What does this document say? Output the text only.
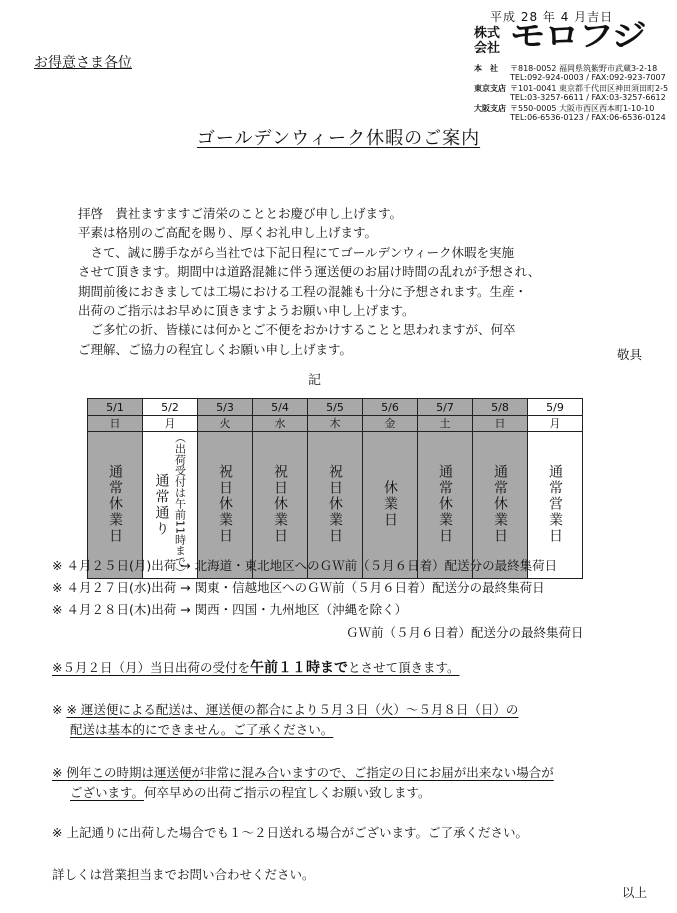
平成 28 年 4 月吉日
お得意さま各位
株式
会社 モロフジ
本　社 〒818-0052 福岡県筑紫野市武蔵3-2-18
TEL:092-924-0003 / FAX:092-923-7007
東京支店 〒101-0041 東京都千代田区神田須田町2-5
TEL:03-3257-6611 / FAX:03-3257-6612
大阪支店 〒550-0005 大阪市西区西本町1-10-10
TEL:06-6536-0123 / FAX:06-6536-0124
ゴールデンウィーク休暇のご案内
拝啓　貴社ますますご清栄のこととお慶び申し上げます。
平素は格別のご高配を賜り、厚くお礼申し上げます。
　さて、誠に勝手ながら当社では下記日程にてゴールデンウィーク休暇を実施
させて頂きます。期間中は道路混雑に伴う運送便のお届け時間の乱れが予想され、
期間前後におきましては工場における工程の混雑も十分に予想されます。生産・
出荷のご指示はお早めに頂きますようお願い申し上げます。
　ご多忙の折、皆様には何かとご不便をおかけすることと思われますが、何卒
ご理解、ご協力の程宜しくお願い申し上げます。	敬具
記
5/1	5/2	5/3	5/4	5/5	5/6	5/7	5/8	5/9
日	月	火	水	木	金	土	日	月
通常休業日	通常通り （出荷受付は午前11時まで）	祝日休業日	祝日休業日	祝日休業日	休業日	通常休業日	通常休業日	通常営業日
※ ４月２５日(月)出荷 → 北海道・東北地区へのＧＷ前（５月６日着）配送分の最終集荷日
※ ４月２７日(水)出荷 → 関東・信越地区へのＧＷ前（５月６日着）配送分の最終集荷日
※ ４月２８日(木)出荷 → 関西・四国・九州地区（沖縄を除く）
ＧＷ前（５月６日着）配送分の最終集荷日
※５月２日（月）当日出荷の受付を午前１１時までとさせて頂きます。
※ ※ 運送便による配送は、運送便の都合により５月３日（火）～５月８日（日）の
配送は基本的にできません。ご了承ください。
※ 例年この時期は運送便が非常に混み合いますので、ご指定の日にお届が出来ない場合が
ございます。何卒早めの出荷ご指示の程宜しくお願い致します。
※ 上記通りに出荷した場合でも１～２日送れる場合がございます。ご了承ください。
詳しくは営業担当までお問い合わせください。
以上
